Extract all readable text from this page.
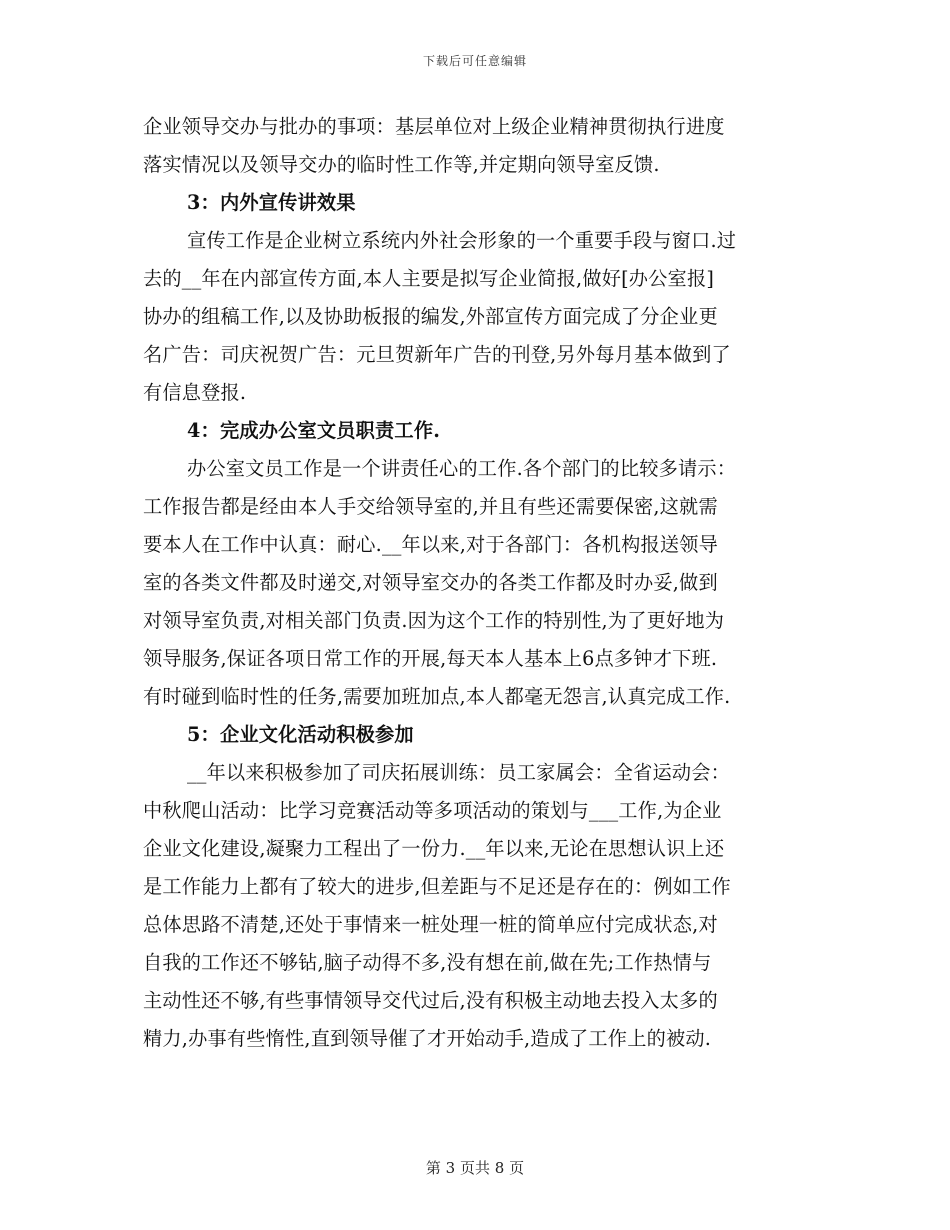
下载后可任意编辑
企业领导交办与批办的事项：基层单位对上级企业精神贯彻执行进度
落实情况以及领导交办的临时性工作等,并定期向领导室反馈.
3：内外宣传讲效果
宣传工作是企业树立系统内外社会形象的一个重要手段与窗口.过
去的__年在内部宣传方面,本人主要是拟写企业简报,做好[办公室报]
协办的组稿工作,以及协助板报的编发,外部宣传方面完成了分企业更
名广告：司庆祝贺广告：元旦贺新年广告的刊登,另外每月基本做到了
有信息登报.
4：完成办公室文员职责工作.
办公室文员工作是一个讲责任心的工作.各个部门的比较多请示：
工作报告都是经由本人手交给领导室的,并且有些还需要保密,这就需
要本人在工作中认真：耐心.__年以来,对于各部门：各机构报送领导
室的各类文件都及时递交,对领导室交办的各类工作都及时办妥,做到
对领导室负责,对相关部门负责.因为这个工作的特别性,为了更好地为
领导服务,保证各项日常工作的开展,每天本人基本上6点多钟才下班.
有时碰到临时性的任务,需要加班加点,本人都毫无怨言,认真完成工作.
5：企业文化活动积极参加
__年以来积极参加了司庆拓展训练：员工家属会：全省运动会：
中秋爬山活动：比学习竞赛活动等多项活动的策划与___工作,为企业
企业文化建设,凝聚力工程出了一份力.__年以来,无论在思想认识上还
是工作能力上都有了较大的进步,但差距与不足还是存在的：例如工作
总体思路不清楚,还处于事情来一桩处理一桩的简单应付完成状态,对
自我的工作还不够钻,脑子动得不多,没有想在前,做在先;工作热情与
主动性还不够,有些事情领导交代过后,没有积极主动地去投入太多的
精力,办事有些惰性,直到领导催了才开始动手,造成了工作上的被动.
第 3 页共 8 页
